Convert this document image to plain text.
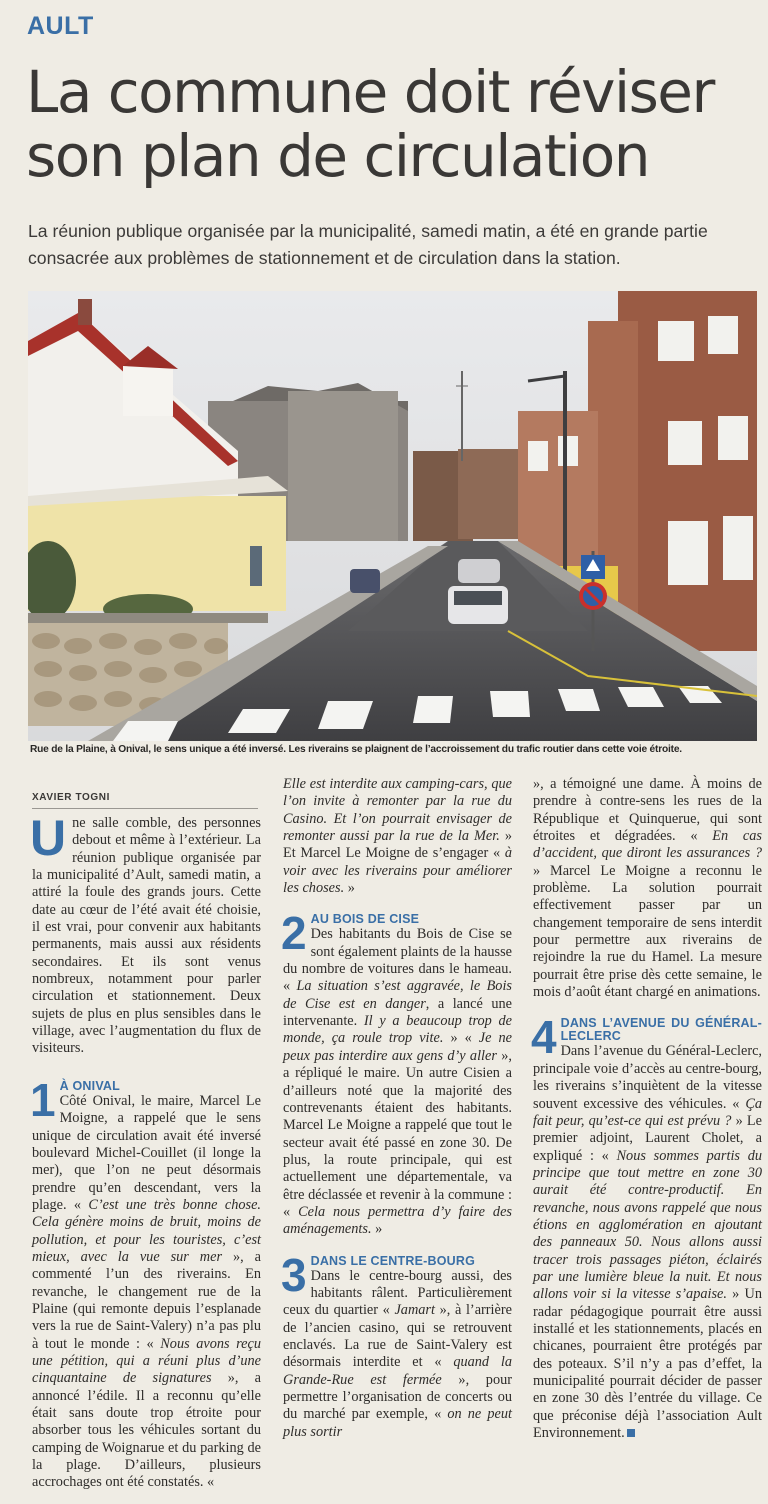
AULT
La commune doit réviser
son plan de circulation

La réunion publique organisée par la municipalité, samedi matin, a été en grande partie consacrée aux problèmes de stationnement et de circulation dans la station.

Rue de la Plaine, à Onival, le sens unique a été inversé. Les riverains se plaignent de l’accroissement du trafic routier dans cette voie étroite.
XAVIER TOGNI

Une salle comble, des personnes debout et même à l’extérieur. La réunion publique organisée par la municipalité d’Ault, samedi matin, a attiré la foule des grands jours. Cette date au cœur de l’été avait été choisie, il est vrai, pour convenir aux habitants permanents, mais aussi aux résidents secondaires. Et ils sont venus nombreux, notamment pour parler circulation et stationnement. Deux sujets de plus en plus sensibles dans le village, avec l’augmentation du flux de visiteurs.

1 À ONIVAL

Côté Onival, le maire, Marcel Le Moigne, a rappelé que le sens unique de circulation avait été inversé boulevard Michel-Couillet (il longe la mer), que l’on ne peut désormais prendre qu’en descendant, vers la plage. « C’est une très bonne chose. Cela génère moins de bruit, moins de pollution, et pour les touristes, c’est mieux, avec la vue sur mer », a commenté l’un des riverains. En revanche, le changement rue de la Plaine (qui remonte depuis l’esplanade vers la rue de Saint-Valery) n’a pas plu à tout le monde : « Nous avons reçu une pétition, qui a réuni plus d’une cinquantaine de signatures », a annoncé l’édile. Il a reconnu qu’elle était sans doute trop étroite pour absorber tous les véhicules sortant du camping de Woignarue et du parking de la plage. D’ailleurs, plusieurs accrochages ont été constatés. «

Elle est interdite aux camping-cars, que l’on invite à remonter par la rue du Casino. Et l’on pourrait envisager de remonter aussi par la rue de la Mer. » Et Marcel Le Moigne de s’engager « à voir avec les riverains pour améliorer les choses. »

2 AU BOIS DE CISE

Des habitants du Bois de Cise se sont également plaints de la hausse du nombre de voitures dans le hameau. « La situation s’est aggravée, le Bois de Cise est en danger, a lancé une intervenante. Il y a beaucoup trop de monde, ça roule trop vite. » « Je ne peux pas interdire aux gens d’y aller », a répliqué le maire. Un autre Cisien a d’ailleurs noté que la majorité des contrevenants étaient des habitants. Marcel Le Moigne a rappelé que tout le secteur avait été passé en zone 30. De plus, la route principale, qui est actuellement une départementale, va être déclassée et revenir à la commune : « Cela nous permettra d’y faire des aménagements. »

3 DANS LE CENTRE-BOURG

Dans le centre-bourg aussi, des habitants râlent. Particulièrement ceux du quartier « Jamart », à l’arrière de l’ancien casino, qui se retrouvent enclavés. La rue de Saint-Valery est désormais interdite et « quand la Grande-Rue est fermée », pour permettre l’organisation de concerts ou du marché par exemple, « on ne peut plus sortir

», a témoigné une dame. À moins de prendre à contre-sens les rues de la République et Quinquerue, qui sont étroites et dégradées. « En cas d’accident, que diront les assurances ? » Marcel Le Moigne a reconnu le problème. La solution pourrait effectivement passer par un changement temporaire de sens interdit pour permettre aux riverains de rejoindre la rue du Hamel. La mesure pourrait être prise dès cette semaine, le mois d’août étant chargé en animations.

4 DANS L’AVENUE DU GÉNÉRAL-LECLERC

Dans l’avenue du Général-Leclerc, principale voie d’accès au centre-bourg, les riverains s’inquiètent de la vitesse souvent excessive des véhicules. « Ça fait peur, qu’est-ce qui est prévu ? » Le premier adjoint, Laurent Cholet, a expliqué : « Nous sommes partis du principe que tout mettre en zone 30 aurait été contre-productif. En revanche, nous avons rappelé que nous étions en agglomération en ajoutant des panneaux 50. Nous allons aussi tracer trois passages piéton, éclairés par une lumière bleue la nuit. Et nous allons voir si la vitesse s’apaise. » Un radar pédagogique pourrait être aussi installé et les stationnements, placés en chicanes, pourraient être protégés par des poteaux. S’il n’y a pas d’effet, la municipalité pourrait décider de passer en zone 30 dès l’entrée du village. Ce que préconise déjà l’association Ault Environnement.
